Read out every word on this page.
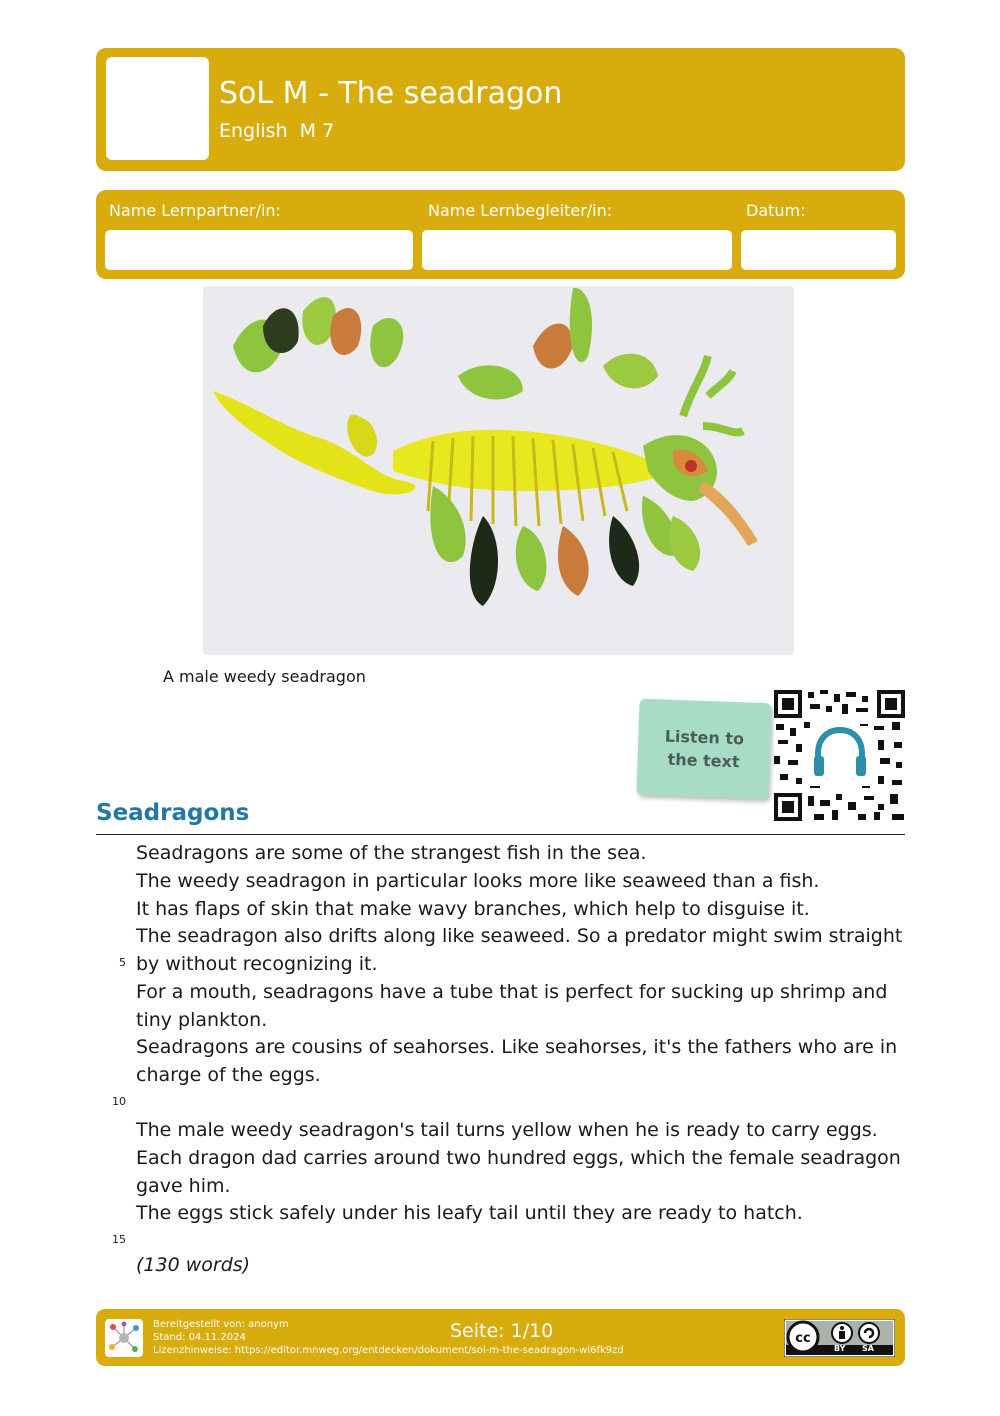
SoL M - The seadragon
English  M 7
Name Lernpartner/in:	Name Lernbegleiter/in:	Datum:
A male weedy seadragon
Listen to
the text
Seadragons
Seadragons are some of the strangest fish in the sea.
The weedy seadragon in particular looks more like seaweed than a fish.
It has flaps of skin that make wavy branches, which help to disguise it.
The seadragon also drifts along like seaweed. So a predator might swim straight
by without recognizing it.
For a mouth, seadragons have a tube that is perfect for sucking up shrimp and
tiny plankton.
Seadragons are cousins of seahorses. Like seahorses, it's the fathers who are in
charge of the eggs.
The male weedy seadragon's tail turns yellow when he is ready to carry eggs.
Each dragon dad carries around two hundred eggs, which the female seadragon
gave him.
The eggs stick safely under his leafy tail until they are ready to hatch.
5
10
15
(130 words)
Bereitgestellt von: anonym
Stand: 04.11.2024
Lizenzhinweise: https://editor.mnweg.org/entdecken/dokument/sol-m-the-seadragon-wl6fk9zd
Seite: 1/10	cc
BY SA
